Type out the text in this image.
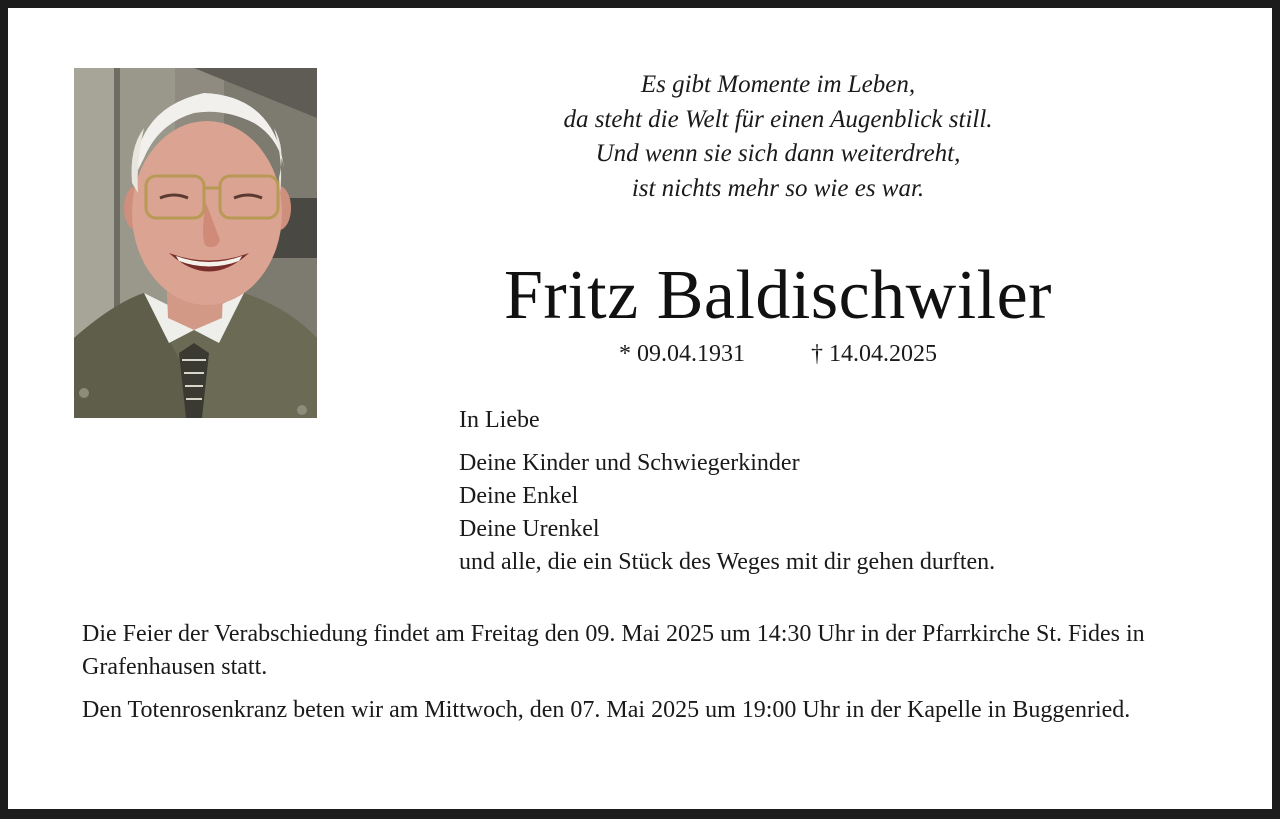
Es gibt Momente im Leben,
da steht die Welt für einen Augenblick still.
Und wenn sie sich dann weiterdreht,
ist nichts mehr so wie es war.
Fritz Baldischwiler
* 09.04.1931	† 14.04.2025
In Liebe
Deine Kinder und Schwiegerkinder
Deine Enkel
Deine Urenkel
und alle, die ein Stück des Weges mit dir gehen durften.

Die Feier der Verabschiedung findet am Freitag den 09. Mai 2025 um 14:30 Uhr in der Pfarrkirche St. Fides in Grafenhausen statt.

Den Totenrosenkranz beten wir am Mittwoch, den 07. Mai 2025 um 19:00 Uhr in der Kapelle in Buggenried.
